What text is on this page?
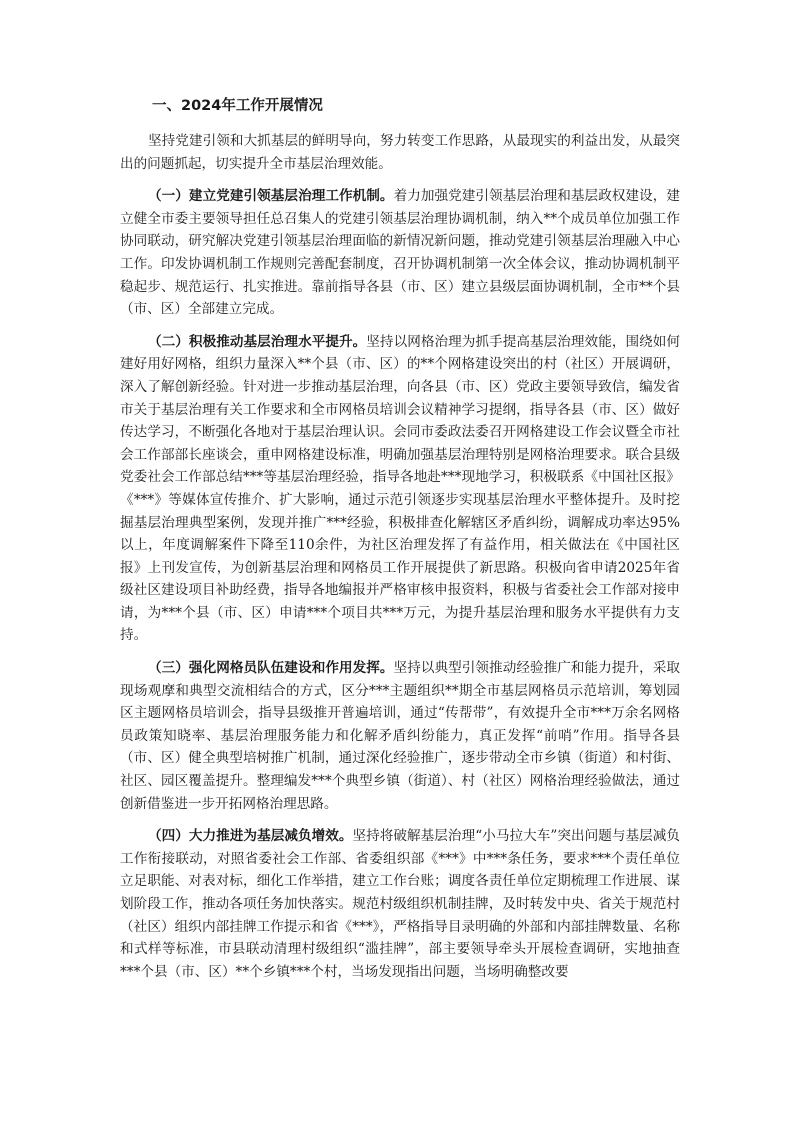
一、2024年工作开展情况

坚持党建引领和大抓基层的鲜明导向，努力转变工作思路，从最现实的利益出发，从最突出的问题抓起，切实提升全市基层治理效能。

（一）建立党建引领基层治理工作机制。着力加强党建引领基层治理和基层政权建设，建立健全市委主要领导担任总召集人的党建引领基层治理协调机制，纳入**个成员单位加强工作协同联动，研究解决党建引领基层治理面临的新情况新问题，推动党建引领基层治理融入中心工作。印发协调机制工作规则完善配套制度，召开协调机制第一次全体会议，推动协调机制平稳起步、规范运行、扎实推进。靠前指导各县（市、区）建立县级层面协调机制，全市**个县（市、区）全部建立完成。

（二）积极推动基层治理水平提升。坚持以网格治理为抓手提高基层治理效能，围绕如何建好用好网格，组织力量深入**个县（市、区）的**个网格建设突出的村（社区）开展调研，深入了解创新经验。针对进一步推动基层治理，向各县（市、区）党政主要领导致信，编发省市关于基层治理有关工作要求和全市网格员培训会议精神学习提纲，指导各县（市、区）做好传达学习，不断强化各地对于基层治理认识。会同市委政法委召开网格建设工作会议暨全市社会工作部部长座谈会，重申网格建设标准，明确加强基层治理特别是网格治理要求。联合县级党委社会工作部总结***等基层治理经验，指导各地赴***现地学习，积极联系《中国社区报》《***》等媒体宣传推介、扩大影响，通过示范引领逐步实现基层治理水平整体提升。及时挖掘基层治理典型案例，发现并推广***经验，积极排查化解辖区矛盾纠纷，调解成功率达95%以上，年度调解案件下降至110余件，为社区治理发挥了有益作用，相关做法在《中国社区报》上刊发宣传，为创新基层治理和网格员工作开展提供了新思路。积极向省申请2025年省级社区建设项目补助经费，指导各地编报并严格审核申报资料，积极与省委社会工作部对接申请，为***个县（市、区）申请***个项目共***万元，为提升基层治理和服务水平提供有力支持。

（三）强化网格员队伍建设和作用发挥。坚持以典型引领推动经验推广和能力提升，采取现场观摩和典型交流相结合的方式，区分***主题组织**期全市基层网格员示范培训，筹划园区主题网格员培训会，指导县级推开普遍培训，通过“传帮带”，有效提升全市***万余名网格员政策知晓率、基层治理服务能力和化解矛盾纠纷能力，真正发挥“前哨”作用。指导各县（市、区）健全典型培树推广机制，通过深化经验推广，逐步带动全市乡镇（街道）和村街、社区、园区覆盖提升。整理编发***个典型乡镇（街道）、村（社区）网格治理经验做法，通过创新借鉴进一步开拓网格治理思路。

（四）大力推进为基层减负增效。坚持将破解基层治理“小马拉大车”突出问题与基层减负工作衔接联动，对照省委社会工作部、省委组织部《***》中***条任务，要求***个责任单位立足职能、对表对标，细化工作举措，建立工作台账；调度各责任单位定期梳理工作进展、谋划阶段工作，推动各项任务加快落实。规范村级组织机制挂牌，及时转发中央、省关于规范村（社区）组织内部挂牌工作提示和省《***》，严格指导目录明确的外部和内部挂牌数量、名称和式样等标准，市县联动清理村级组织“滥挂牌”，部主要领导牵头开展检查调研，实地抽查***个县（市、区）**个乡镇***个村，当场发现指出问题，当场明确整改要
